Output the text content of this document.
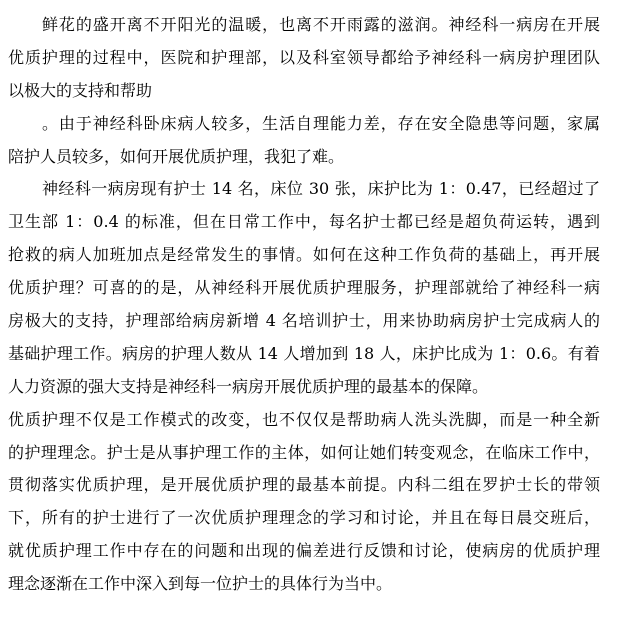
鲜花的盛开离不开阳光的温暖，也离不开雨露的滋润。神经科一病房在开展
优质护理的过程中，医院和护理部，以及科室领导都给予神经科一病房护理团队
以极大的支持和帮助
。由于神经科卧床病人较多，生活自理能力差，存在安全隐患等问题，家属
陪护人员较多，如何开展优质护理，我犯了难。
神经科一病房现有护士 14 名，床位 30 张，床护比为 1：0.47，已经超过了
卫生部 1：0.4 的标准，但在日常工作中，每名护士都已经是超负荷运转，遇到
抢救的病人加班加点是经常发生的事情。如何在这种工作负荷的基础上，再开展
优质护理？可喜的的是，从神经科开展优质护理服务，护理部就给了神经科一病
房极大的支持，护理部给病房新增 4 名培训护士，用来协助病房护士完成病人的
基础护理工作。病房的护理人数从 14 人增加到 18 人，床护比成为 1：0.6。有着
人力资源的强大支持是神经科一病房开展优质护理的最基本的保障。
优质护理不仅是工作模式的改变，也不仅仅是帮助病人洗头洗脚，而是一种全新
的护理理念。护士是从事护理工作的主体，如何让她们转变观念，在临床工作中，
贯彻落实优质护理，是开展优质护理的最基本前提。内科二组在罗护士长的带领
下，所有的护士进行了一次优质护理理念的学习和讨论，并且在每日晨交班后，
就优质护理工作中存在的问题和出现的偏差进行反馈和讨论，使病房的优质护理
理念逐渐在工作中深入到每一位护士的具体行为当中。
